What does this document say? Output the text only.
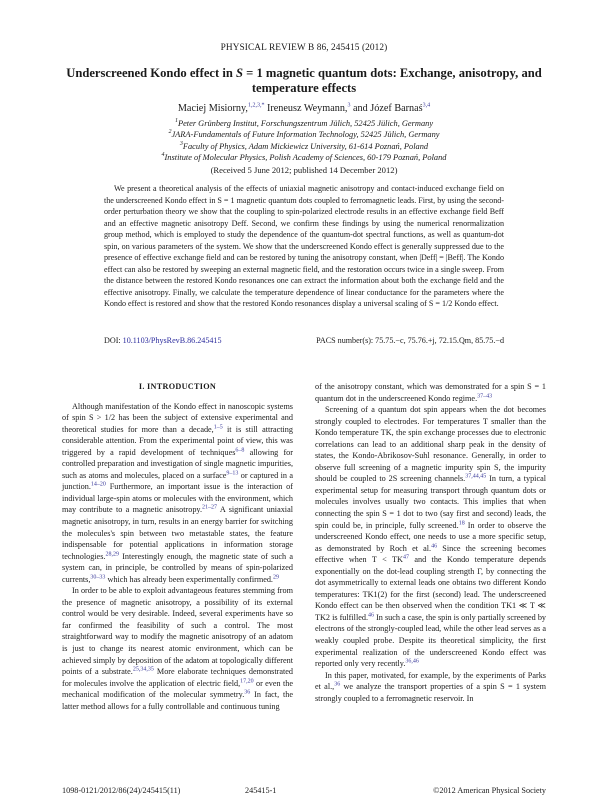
PHYSICAL REVIEW B 86, 245415 (2012)
Underscreened Kondo effect in S = 1 magnetic quantum dots: Exchange, anisotropy, and temperature effects
Maciej Misiorny,$^{1,2,3,*}$ Ireneusz Weymann,$^3$ and Józef Barnaś$^{3,4}$
$^1$Peter Grünberg Institut, Forschungszentrum Jülich, 52425 Jülich, Germany
$^2$JARA-Fundamentals of Future Information Technology, 52425 Jülich, Germany
$^3$Faculty of Physics, Adam Mickiewicz University, 61-614 Poznań, Poland
$^4$Institute of Molecular Physics, Polish Academy of Sciences, 60-179 Poznań, Poland
(Received 5 June 2012; published 14 December 2012)
We present a theoretical analysis of the effects of uniaxial magnetic anisotropy and contact-induced exchange field on the underscreened Kondo effect in S = 1 magnetic quantum dots coupled to ferromagnetic leads. First, by using the second-order perturbation theory we show that the coupling to spin-polarized electrode results in an effective exchange field Beff and an effective magnetic anisotropy Deff. Second, we confirm these findings by using the numerical renormalization group method, which is employed to study the dependence of the quantum-dot spectral functions, as well as quantum-dot spin, on various parameters of the system. We show that the underscreened Kondo effect is generally suppressed due to the presence of effective exchange field and can be restored by tuning the anisotropy constant, when |Deff| = |Beff|. The Kondo effect can also be restored by sweeping an external magnetic field, and the restoration occurs twice in a single sweep. From the distance between the restored Kondo resonances one can extract the information about both the exchange field and the effective anisotropy. Finally, we calculate the temperature dependence of linear conductance for the parameters where the Kondo effect is restored and show that the restored Kondo resonances display a universal scaling of S = 1/2 Kondo effect.
DOI: 10.1103/PhysRevB.86.245415	PACS number(s): 75.75.−c, 75.76.+j, 72.15.Qm, 85.75.−d
I. INTRODUCTION

Although manifestation of the Kondo effect in nanoscopic systems of spin S > 1/2 has been the subject of extensive experimental and theoretical studies for more than a decade,$^{1-5}$ it is still attracting considerable attention. From the experimental point of view, this was triggered by a rapid development of techniques$^{6-8}$ allowing for controlled preparation and investigation of single magnetic impurities, such as atoms and molecules, placed on a surface$^{9-13}$ or captured in a junction.$^{14-20}$ Furthermore, an important issue is the interaction of individual large-spin atoms or molecules with the environment, which may contribute to a magnetic anisotropy.$^{21-27}$ A significant uniaxial magnetic anisotropy, in turn, results in an energy barrier for switching the molecules's spin between two metastable states, the feature indispensable for potential applications in information storage technologies.$^{28,29}$ Interestingly enough, the magnetic state of such a system can, in principle, be controlled by means of spin-polarized currents,$^{30-33}$ which has already been experimentally confirmed.$^{29}$

In order to be able to exploit advantageous features stemming from the presence of magnetic anisotropy, a possibility of its external control would be very desirable. Indeed, several experiments have so far confirmed the feasibility of such a control. The most straightforward way to modify the magnetic anisotropy of an adatom is just to change its nearest atomic environment, which can be achieved simply by deposition of the adatom at topologically different points of a substrate.$^{25,34,35}$ More elaborate techniques demonstrated for molecules involve the application of electric field,$^{17,20}$ or even the mechanical modification of the molecular symmetry.$^{36}$ In fact, the latter method allows for a fully controllable and continuous tuning

of the anisotropy constant, which was demonstrated for a spin S = 1 quantum dot in the underscreened Kondo regime.$^{37-43}$

Screening of a quantum dot spin appears when the dot becomes strongly coupled to electrodes. For temperatures T smaller than the Kondo temperature TK, the spin exchange processes due to electronic correlations can lead to an additional sharp peak in the density of states, the Kondo-Abrikosov-Suhl resonance. Generally, in order to observe full screening of a magnetic impurity spin S, the impurity should be coupled to 2S screening channels.$^{37,44,45}$ In turn, a typical experimental setup for measuring transport through quantum dots or molecules involves usually two contacts. This implies that when connecting the spin S = 1 dot to two (say first and second) leads, the spin could be, in principle, fully screened.$^{18}$ In order to observe the underscreened Kondo effect, one needs to use a more specific setup, as demonstrated by Roch et al.$^{46}$ Since the screening becomes effective when $T < TK^{47}$ and the Kondo temperature depends exponentially on the dot-lead coupling strength Γ, by connecting the dot asymmetrically to external leads one obtains two different Kondo temperatures: TK1(2) for the first (second) lead. The underscreened Kondo effect can be then observed when the condition TK1 ≪ T ≪ TK2 is fulfilled.$^{46}$ In such a case, the spin is only partially screened by electrons of the strongly-coupled lead, while the other lead serves as a weakly coupled probe. Despite its theoretical simplicity, the first experimental realization of the underscreened Kondo effect was reported only very recently.$^{36,46}$

In this paper, motivated, for example, by the experiments of Parks et al.,$^{36}$ we analyze the transport properties of a spin S = 1 system strongly coupled to a ferromagnetic reservoir. In

1098-0121/2012/86(24)/245415(11)	245415-1	©2012 American Physical Society
